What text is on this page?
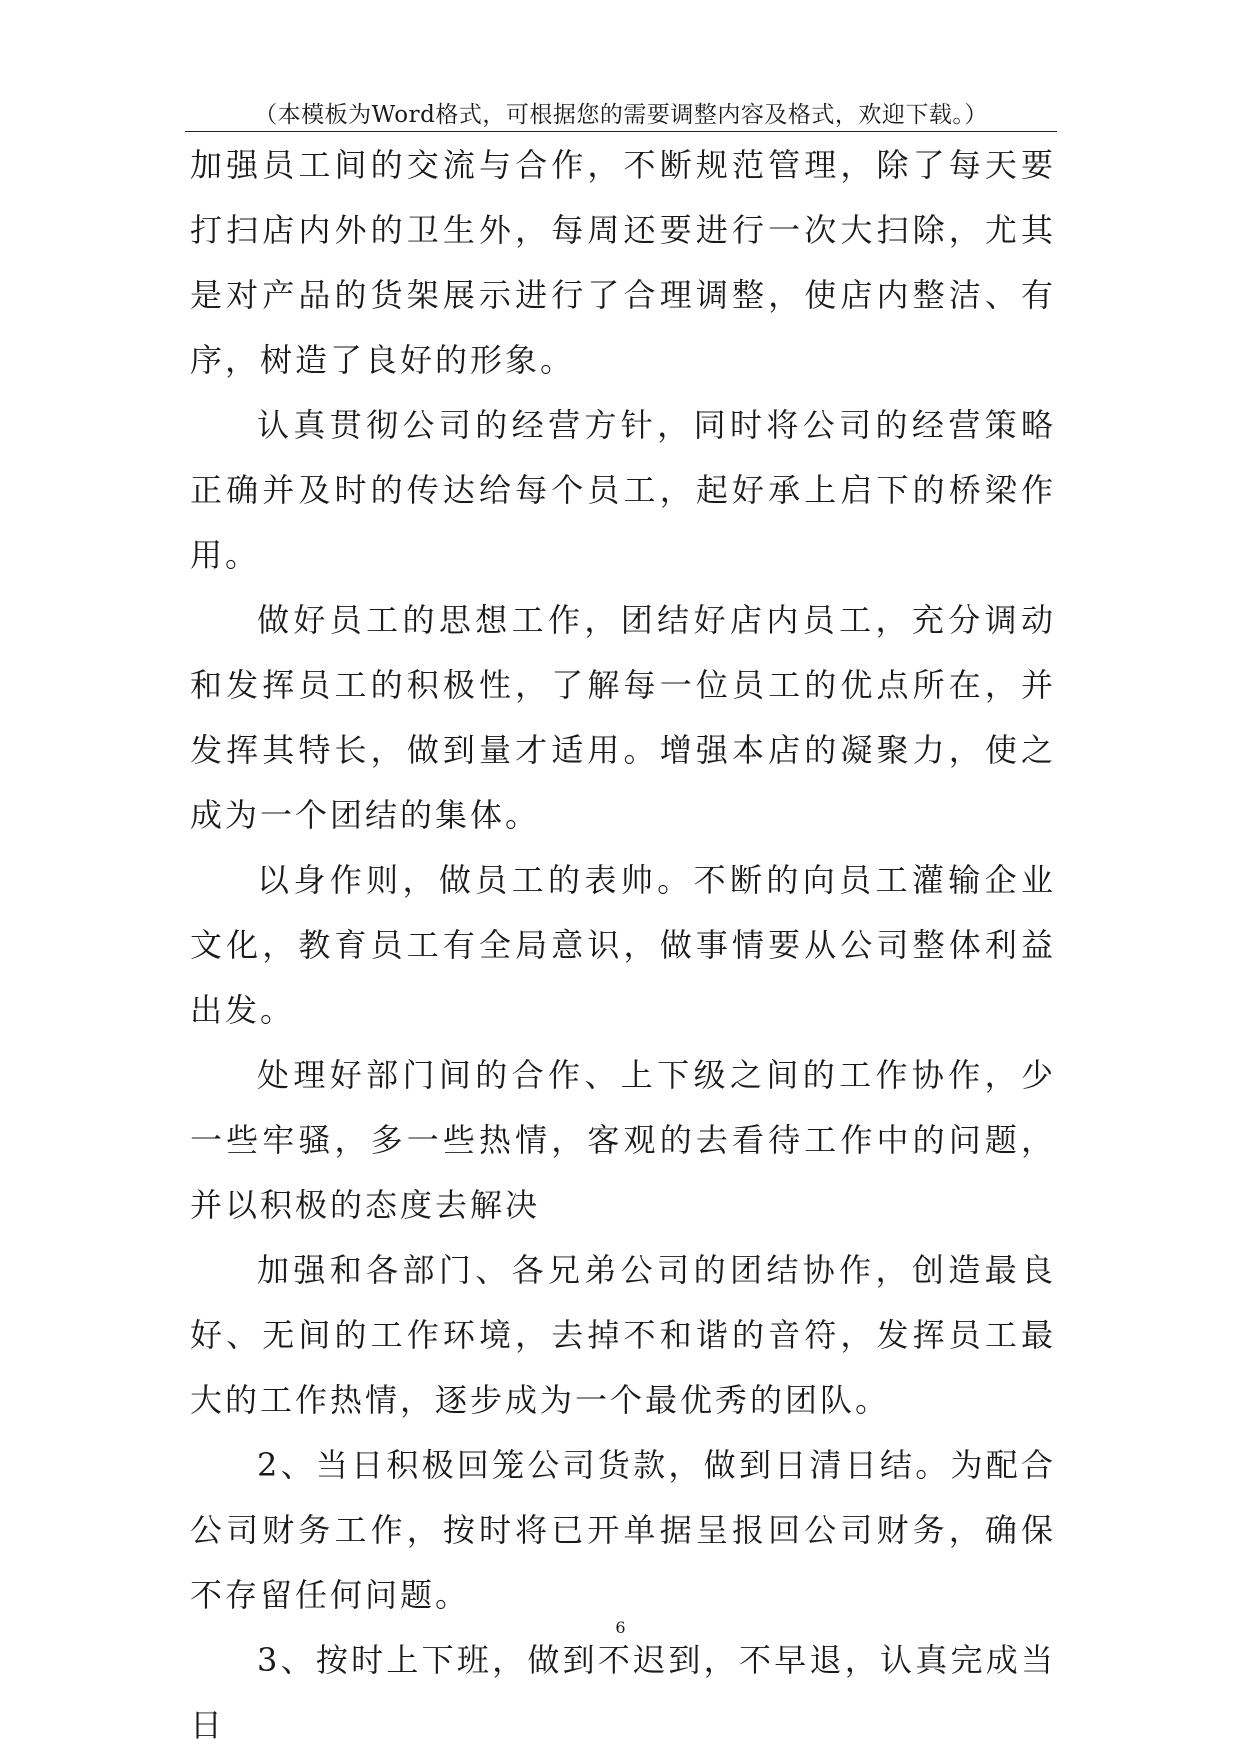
（本模板为Word格式，可根据您的需要调整内容及格式，欢迎下载。）

加强员工间的交流与合作，不断规范管理，除了每天要打扫店内外的卫生外，每周还要进行一次大扫除，尤其是对产品的货架展示进行了合理调整，使店内整洁、有序，树造了良好的形象。

认真贯彻公司的经营方针，同时将公司的经营策略正确并及时的传达给每个员工，起好承上启下的桥梁作用。

做好员工的思想工作，团结好店内员工，充分调动和发挥员工的积极性，了解每一位员工的优点所在，并发挥其特长，做到量才适用。增强本店的凝聚力，使之成为一个团结的集体。

以身作则，做员工的表帅。不断的向员工灌输企业文化，教育员工有全局意识，做事情要从公司整体利益出发。

处理好部门间的合作、上下级之间的工作协作，少一些牢骚，多一些热情，客观的去看待工作中的问题，并以积极的态度去解决

加强和各部门、各兄弟公司的团结协作，创造最良好、无间的工作环境，去掉不和谐的音符，发挥员工最大的工作热情，逐步成为一个最优秀的团队。

2、当日积极回笼公司货款，做到日清日结。为配合公司财务工作，按时将已开单据呈报回公司财务，确保不存留任何问题。

3、按时上下班，做到不迟到，不早退，认真完成当日

6
